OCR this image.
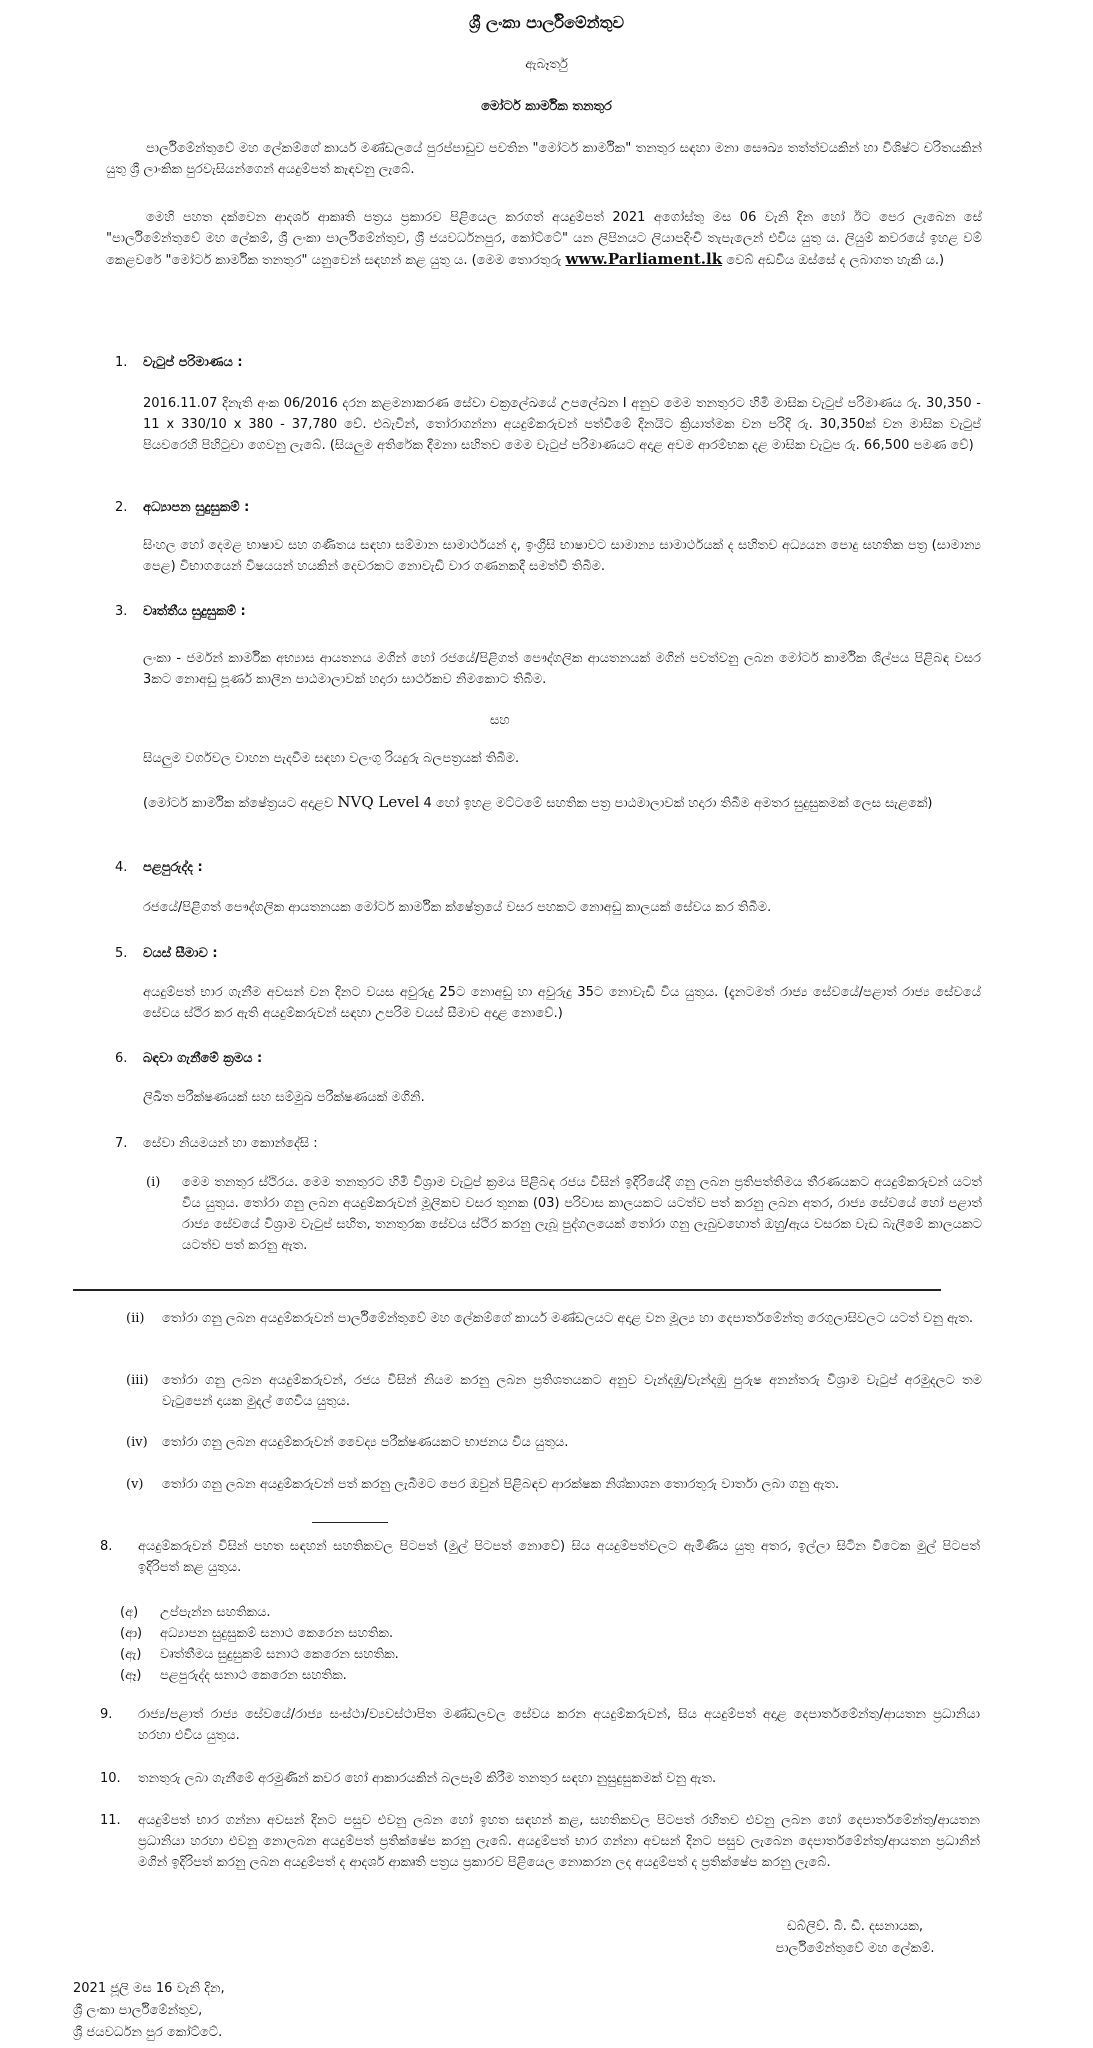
ශ්‍රී ලංකා පාර්ලිමේන්තුව
ඇබෑර්තු
මෝටර් කාර්මික තනතුර
පාර්ලිමේන්තුවේ මහ ලේකම්ගේ කාර්ය මණ්ඩලයේ පුරප්පාඩුව පවතින "මෝටර් කාර්මික" තනතුර සඳහා මනා සෞඛ්‍ය තත්ත්වයකින් හා විශිෂ්ට චරිතයකින් යුතු ශ්‍රී ලාංකික පුරවැසියන්ගෙන් අයදුම්පත් කැඳවනු ලැබේ.
මෙහි පහත දක්වෙන ආදර්ශ ආකෘති පත්‍රය ප්‍රකාරව පිළියෙල කරගත් අයදුම්පත් 2021 අගෝස්තු මස 06 වැනි දින හෝ ඊට පෙර ලැබෙන සේ "පාර්ලිමේන්තුවේ මහ ලේකම්, ශ්‍රී ලංකා පාර්ලිමේන්තුව, ශ්‍රී ජයවර්ධනපුර, කෝට්ටේ" යන ලිපිනයට ලියාපදිංචි තැපැලෙන් එවිය යුතු ය. ලියුම් කවරයේ ඉහළ වම් කෙළවරේ "මෝටර් කාර්මික තනතුර" යනුවෙන් සඳහන් කළ යුතු ය. (මෙම තොරතුරු www.Parliament.lk වෙබ් අඩවිය ඔස්සේ ද ලබාගත හැකි ය.)
1. වැටුප් පරිමාණය :
2016.11.07 දිනැති අංක 06/2016 දරන කළමනාකරණ සේවා චක්‍රලේඛයේ උපලේඛන I අනුව මෙම තනතුරට හිමි මාසික වැටුප් පරිමාණය රු. 30,350 - 11 x 330/10 x 380 - 37,780 වේ. එබැවින්, තෝරාගන්නා අයදුම්කරුවන් පත්වීමේ දිනයිට ක්‍රියාත්මක වන පරිදි රු. 30,350ක් වන මාසික වැටුප් පියවරෙහි පිහිටුවා ගෙවනු ලැබේ. (සියලුම අතිරේක දීමනා සහිතව මෙම වැටුප් පරිමාණයට අදාළ අවම ආරම්භක දළ මාසික වැටුප රු. 66,500 පමණ වේ)
2. අධ්‍යාපන සුදුසුකම් :
සිංහල හෝ දෙමළ භාෂාව සහ ගණිතය සඳහා සම්මාන සාමාර්ථයන් ද, ඉංග්‍රීසි භාෂාවට සාමාන්‍ය සාමාර්ථයක් ද සහිතව අධ්‍යයන පොදු සහතික පත්‍ර (සාමාන්‍ය පෙළ) විභාගයෙන් විෂයයන් හයකින් දෙවරකට නොවැඩි වාර ගණනකදී සමත්වී තිබීම.
3. වෘත්තීය සුදුසුකම් :
ලංකා - ජර්මන් කාර්මික අභ්‍යාස ආයතනය මගින් හෝ රජයේ/පිළිගත් පෞද්ගලික ආයතනයක් මගින් පවත්වනු ලබන මෝටර් කාර්මික ශිල්පය පිළිබඳ වසර 3කට නොඅඩු පූර්ණ කාලීන පාඨමාලාවක් හදාරා සාර්ථකව නිමකොට තිබීම.
සහ
සියලුම වර්ගවල වාහන පැදවීම සඳහා වලංගු රියදුරු බලපත්‍රයක් තිබීම.
(මෝටර් කාර්මික ක්ෂේත්‍රයට අදාළව NVQ Level 4 හෝ ඉහළ මට්ටමේ සහතික පත්‍ර පාඨමාලාවක් හදාරා තිබීම අමතර සුදුසුකමක් ලෙස සැළකේ)
4. පළපුරුද්ද :
රජයේ/පිළිගත් පෞද්ගලික ආයතනයක මෝටර් කාර්මික ක්ෂේත්‍රයේ වසර පහකට නොඅඩු කාලයක් සේවය කර තිබීම.
5. වයස් සීමාව :
අයදුම්පත් භාර ගැනීම අවසන් වන දිනට වයස අවුරුදු 25ට නොඅඩු හා අවුරුදු 35ට නොවැඩි විය යුතුය. (දැනටමත් රාජ්‍ය සේවයේ/පළාත් රාජ්‍ය සේවයේ සේවය ස්ථිර කර ඇති අයදුම්කරුවන් සඳහා උපරිම වයස් සීමාව අදාළ නොවේ.)
6. බඳවා ගැනීමේ ක්‍රමය :
ලිඛිත පරීක්ෂණයක් සහ සම්මුඛ පරීක්ෂණයක් මගිනි.
7. සේවා නියමයන් හා කොන්දේසි :
(i) මෙම තනතුර ස්ථිරය. මෙම තනතුරට හිමි විශ්‍රාම වැටුප් ක්‍රමය පිළිබඳ රජය විසින් ඉදිරියේදී ගනු ලබන ප්‍රතිපත්තිමය තීරණයකට අයදුම්කරුවන් යටත් විය යුතුය. තෝරා ගනු ලබන අයදුම්කරුවන් මූලිකව වසර තුනක (03) පරිවාස කාලයකට යටත්ව පත් කරනු ලබන අතර, රාජ්‍ය සේවයේ හෝ පළාත් රාජ්‍ය සේවයේ විශ්‍රාම වැටුප් සහිත, තනතුරක සේවය ස්ථිර කරනු ලැබූ පුද්ගලයෙක් තෝරා ගනු ලැබුවහොත් ඔහු/ඇය වසරක වැඩ බැලීමේ කාලයකට යටත්ව පත් කරනු ඇත.
(ii) තෝරා ගනු ලබන අයදුම්කරුවන් පාර්ලිමේන්තුවේ මහ ලේකම්ගේ කාර්ය මණ්ඩලයට අදාළ වන මූල්‍ය හා දෙපාර්තමේන්තු රෙගුලාසිවලට යටත් වනු ඇත.
(iii) තෝරා ගනු ලබන අයදුම්කරුවන්, රජය විසින් නියම කරනු ලබන ප්‍රතිශතයකට අනුව වැන්දඹු/වැන්දඹු පුරුෂ අනන්තරු විශ්‍රාම වැටුප් අරමුදලට තම වැටුපෙන් දායක මුදල් ගෙවිය යුතුය.
(iv) තෝරා ගනු ලබන අයදුම්කරුවන් වෛද්‍ය පරීක්ෂණයකට භාජනය විය යුතුය.
(v) තෝරා ගනු ලබන අයදුම්කරුවන් පත් කරනු ලැබීමට පෙර ඔවුන් පිළිබඳව ආරක්ෂක නිශ්කාශන තොරතුරු වාර්තා ලබා ගනු ඇත.
8. අයදුම්කරුවන් විසින් පහත සඳහන් සහතිකවල පිටපත් (මුල් පිටපත් නොවේ) සිය අයදුම්පත්වලට ඇමිණිය යුතු අතර, ඉල්ලා සිටින විටෙක මුල් පිටපත් ඉදිරිපත් කළ යුතුය.
(අ) උප්පැන්න සහතිකය.
(ආ) අධ්‍යාපන සුදුසුකම් සනාථ කෙරෙන සහතික.
(ඇ) වෘත්තීමය සුදුසුකම් සනාථ කෙරෙන සහතික.
(ඈ) පළපුරුද්ද සනාථ කෙරෙන සහතික.
9. රාජ්‍ය/පළාත් රාජ්‍ය සේවයේ/රාජ්‍ය සංස්ථා/ව්‍යවස්ථාපිත මණ්ඩලවල සේවය කරන අයදුම්කරුවන්, සිය අයදුම්පත් අදාළ දෙපාර්තමේන්තු/ආයතන ප්‍රධානියා හරහා එවිය යුතුය.
10. තනතුරු ලබා ගැනීමේ අරමුණින් කවර හෝ ආකාරයකින් බලපෑම් කිරීම තනතුර සඳහා නුසුදුසුකමක් වනු ඇත.
11. අයදුම්පත් භාර ගන්නා අවසන් දිනට පසුව එවනු ලබන හෝ ඉහත සඳහන් කළ, සහතිකවල පිටපත් රහිතව එවනු ලබන හෝ දෙපාර්තමේන්තු/ආයතන ප්‍රධානියා හරහා එවනු නොලබන අයදුම්පත් ප්‍රතික්ෂේප කරනු ලැබේ. අයදුම්පත් භාර ගන්නා අවසන් දිනට පසුව ලැබෙන දෙපාර්තමේන්තු/ආයතන ප්‍රධානින් මගින් ඉදිරිපත් කරනු ලබන අයදුම්පත් ද ආදර්ශ ආකෘති පත්‍රය ප්‍රකාරව පිළියෙල නොකරන ලද අයදුම්පත් ද ප්‍රතික්ෂේප කරනු ලැබේ.
ඩබ්ලිව්. බී. ඩී. දසනායක,
පාර්ලිමේන්තුවේ මහ ලේකම්.
2021 ජූලි මස 16 වැනි දින,
ශ්‍රී ලංකා පාර්ලිමේන්තුව,
ශ්‍රී ජයවර්ධන පුර කෝට්ටේ.
